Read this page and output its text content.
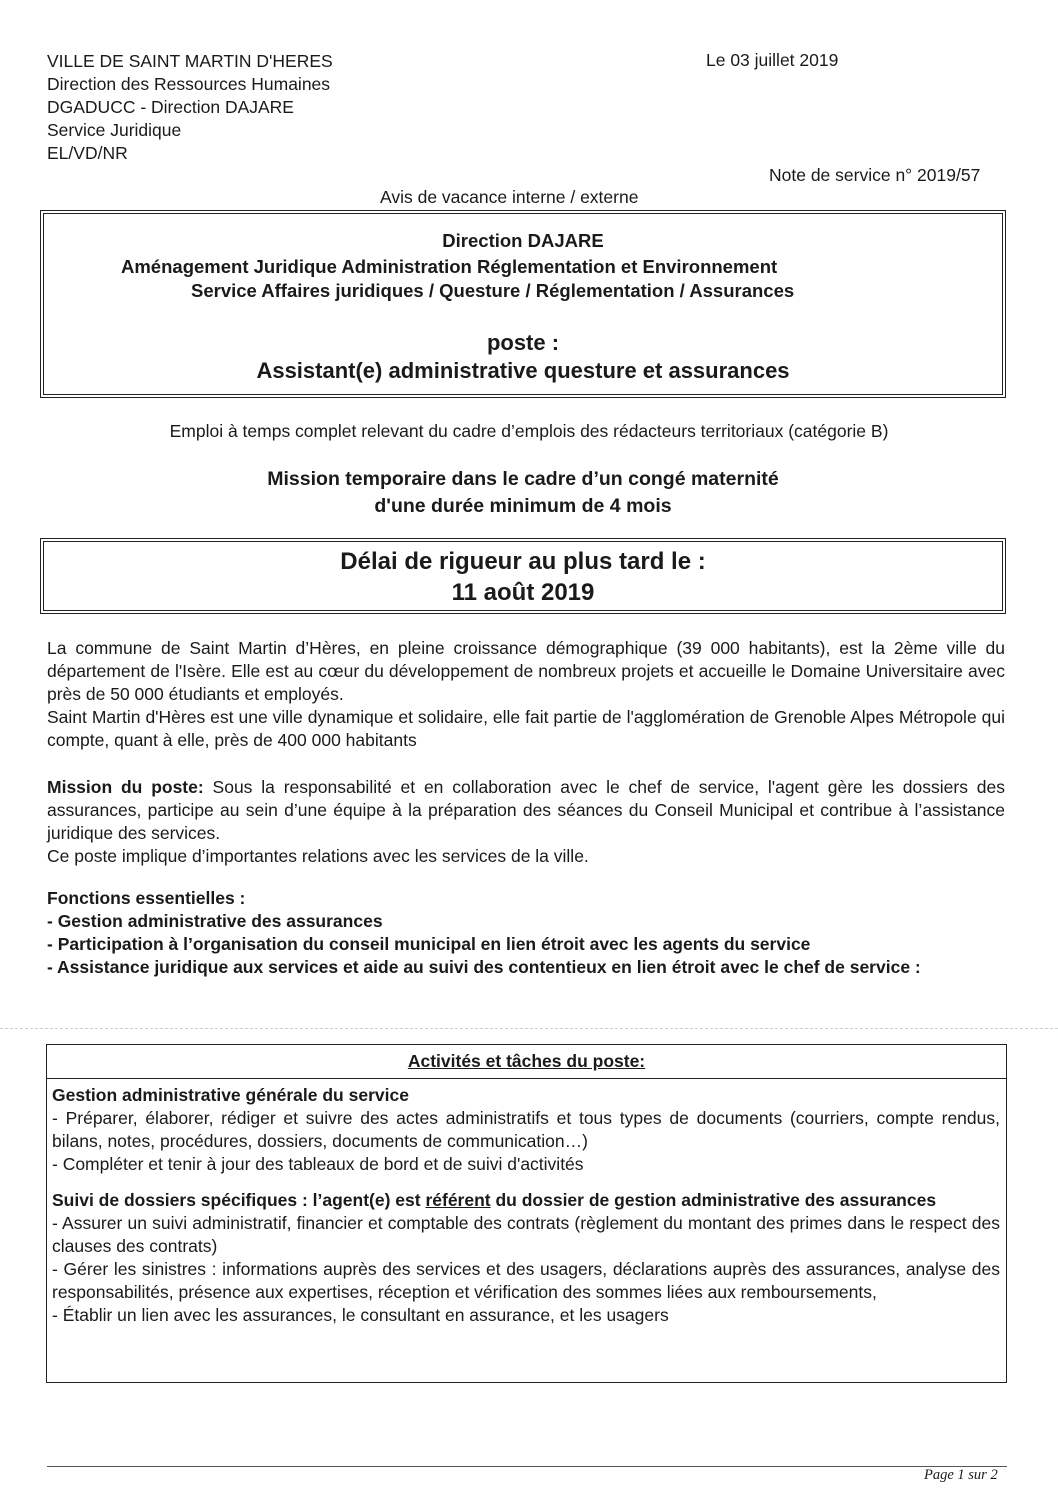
VILLE DE SAINT MARTIN D'HERES
Direction des Ressources Humaines
DGADUCC - Direction DAJARE
Service Juridique
EL/VD/NR
Le 03 juillet 2019
Note de service n° 2019/57
Avis de vacance interne / externe
Direction DAJARE
Aménagement Juridique Administration Réglementation et Environnement
Service Affaires juridiques / Questure / Réglementation / Assurances
poste :
Assistant(e) administrative questure et assurances
Emploi à temps complet relevant du cadre d’emplois des rédacteurs territoriaux (catégorie B)
Mission temporaire dans le cadre d’un congé maternité
d'une durée minimum de 4 mois
Délai de rigueur au plus tard le :
11 août 2019

La commune de Saint Martin d’Hères, en pleine croissance démographique (39 000 habitants), est la 2ème ville du département de l'Isère. Elle est au cœur du développement de nombreux projets et accueille le Domaine Universitaire avec près de 50 000 étudiants et employés.

Saint Martin d'Hères est une ville dynamique et solidaire, elle fait partie de l'agglomération de Grenoble Alpes Métropole qui compte, quant à elle, près de 400 000 habitants

Mission du poste: Sous la responsabilité et en collaboration avec le chef de service, l'agent gère les dossiers des assurances, participe au sein d’une équipe à la préparation des séances du Conseil Municipal et contribue à l’assistance juridique des services.

Ce poste implique d’importantes relations avec les services de la ville.

Fonctions essentielles :

- Gestion administrative des assurances

- Participation à l’organisation du conseil municipal en lien étroit avec les agents du service

- Assistance juridique aux services et aide au suivi des contentieux en lien étroit avec le chef de service :

Activités et tâches du poste:

Gestion administrative générale du service

- Préparer, élaborer, rédiger et suivre des actes administratifs et tous types de documents (courriers, compte rendus, bilans, notes, procédures, dossiers, documents de communication…)

- Compléter et tenir à jour des tableaux de bord et de suivi d'activités

Suivi de dossiers spécifiques : l’agent(e) est référent du dossier de gestion administrative des assurances

- Assurer un suivi administratif, financier et comptable des contrats (règlement du montant des primes dans le respect des clauses des contrats)

- Gérer les sinistres : informations auprès des services et des usagers, déclarations auprès des assurances, analyse des responsabilités, présence aux expertises, réception et vérification des sommes liées aux remboursements,

- Établir un lien avec les assurances, le consultant en assurance, et les usagers

Page 1 sur 2
